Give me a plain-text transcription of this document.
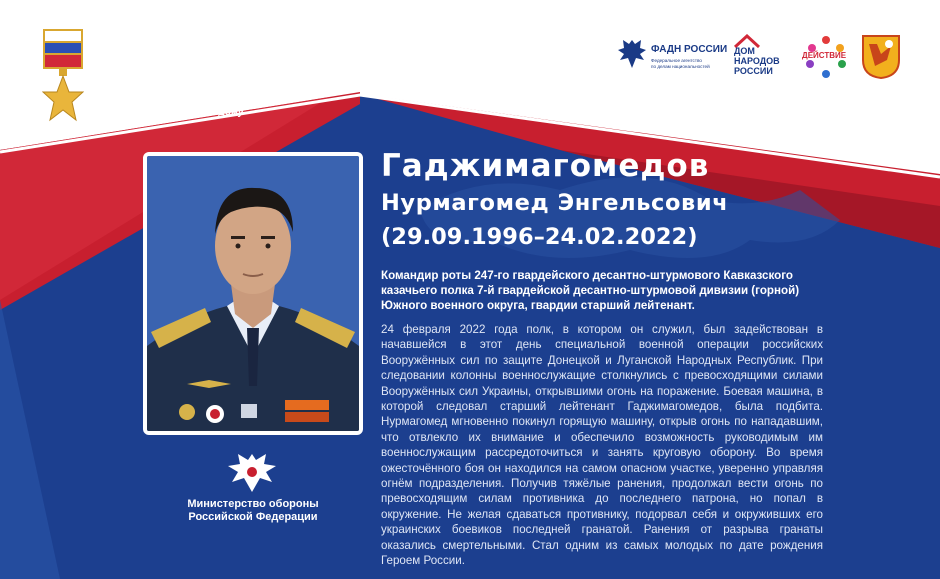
ПРО
ГЕРОЕВ
#ZaРоссию #ZнатьКаждому
ФАДН РОССИИ
Федеральное агентство
по делам национальностей
ДОМ
НАРОДОВ
РОССИИ
ДЕЙСТВИЕ
Министерство обороны
Российской Федерации
Гаджимагомедов
Нурмагомед Энгельсович
(29.09.1996–24.02.2022)
Командир роты 247-го гвардейского десантно-штурмового Кавказского казачьего полка 7-й гвардейской десантно-штурмовой дивизии (горной) Южного военного округа, гвардии старший лейтенант.
24 февраля 2022 года полк, в котором он служил, был задействован в начавшейся в этот день специальной военной операции российских Вооружённых сил по защите Донецкой и Луганской Народных Республик. При следовании колонны военнослужащие столкнулись с превосходящими силами Вооружённых сил Украины, открывшими огонь на поражение. Боевая машина, в которой следовал старший лейтенант Гаджимагомедов, была подбита. Нурмагомед мгновенно покинул горящую машину, открыв огонь по нападавшим, что отвлекло их внимание и обеспечило возможность руководимым им военнослужащим рассредоточиться и занять круговую оборону. Во время ожесточённого боя он находился на самом опасном участке, уверенно управляя огнём подразделения. Получив тяжёлые ранения, продолжал вести огонь по превосходящим силам противника до последнего патрона, но попал в окружение. Не желая сдаваться противнику, подорвал себя и окруживших его украинских боевиков последней гранатой. Ранения от разрыва гранаты оказались смертельными. Стал одним из самых молодых по дате рождения Героем России.
